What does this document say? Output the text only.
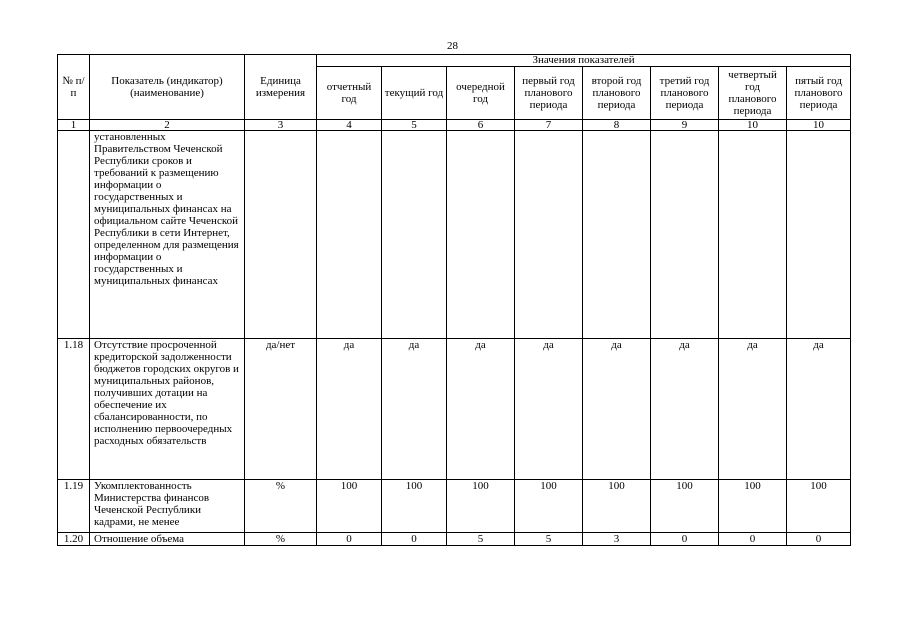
28
№ п/п	Показатель (индикатор) (наименование)	Единица измерения	Значения показателей							
			отчетный год	текущий год	очередной год	первый год планового периода	второй год планового периода	третий год планового периода	четвертый год планового периода	пятый год планового периода
1	2	3	4	5	6	7	8	9	10	10
	установленных Правительством Чеченской Республики сроков и требований к размещению информации о государственных и муниципальных финансах на официальном сайте Чеченской Республики в сети Интернет, определенном для размещения информации о государственных и муниципальных финансах									
1.18	Отсутствие просроченной кредиторской задолженности бюджетов городских округов и муниципальных районов, получивших дотации на обеспечение их сбалансированности, по исполнению первоочередных расходных обязательств	да/нет	да	да	да	да	да	да	да	да
1.19	Укомплектованность Министерства финансов Чеченской Республики кадрами, не менее	%	100	100	100	100	100	100	100	100
1.20	Отношение объема	%	0	0	5	5	3	0	0	0
